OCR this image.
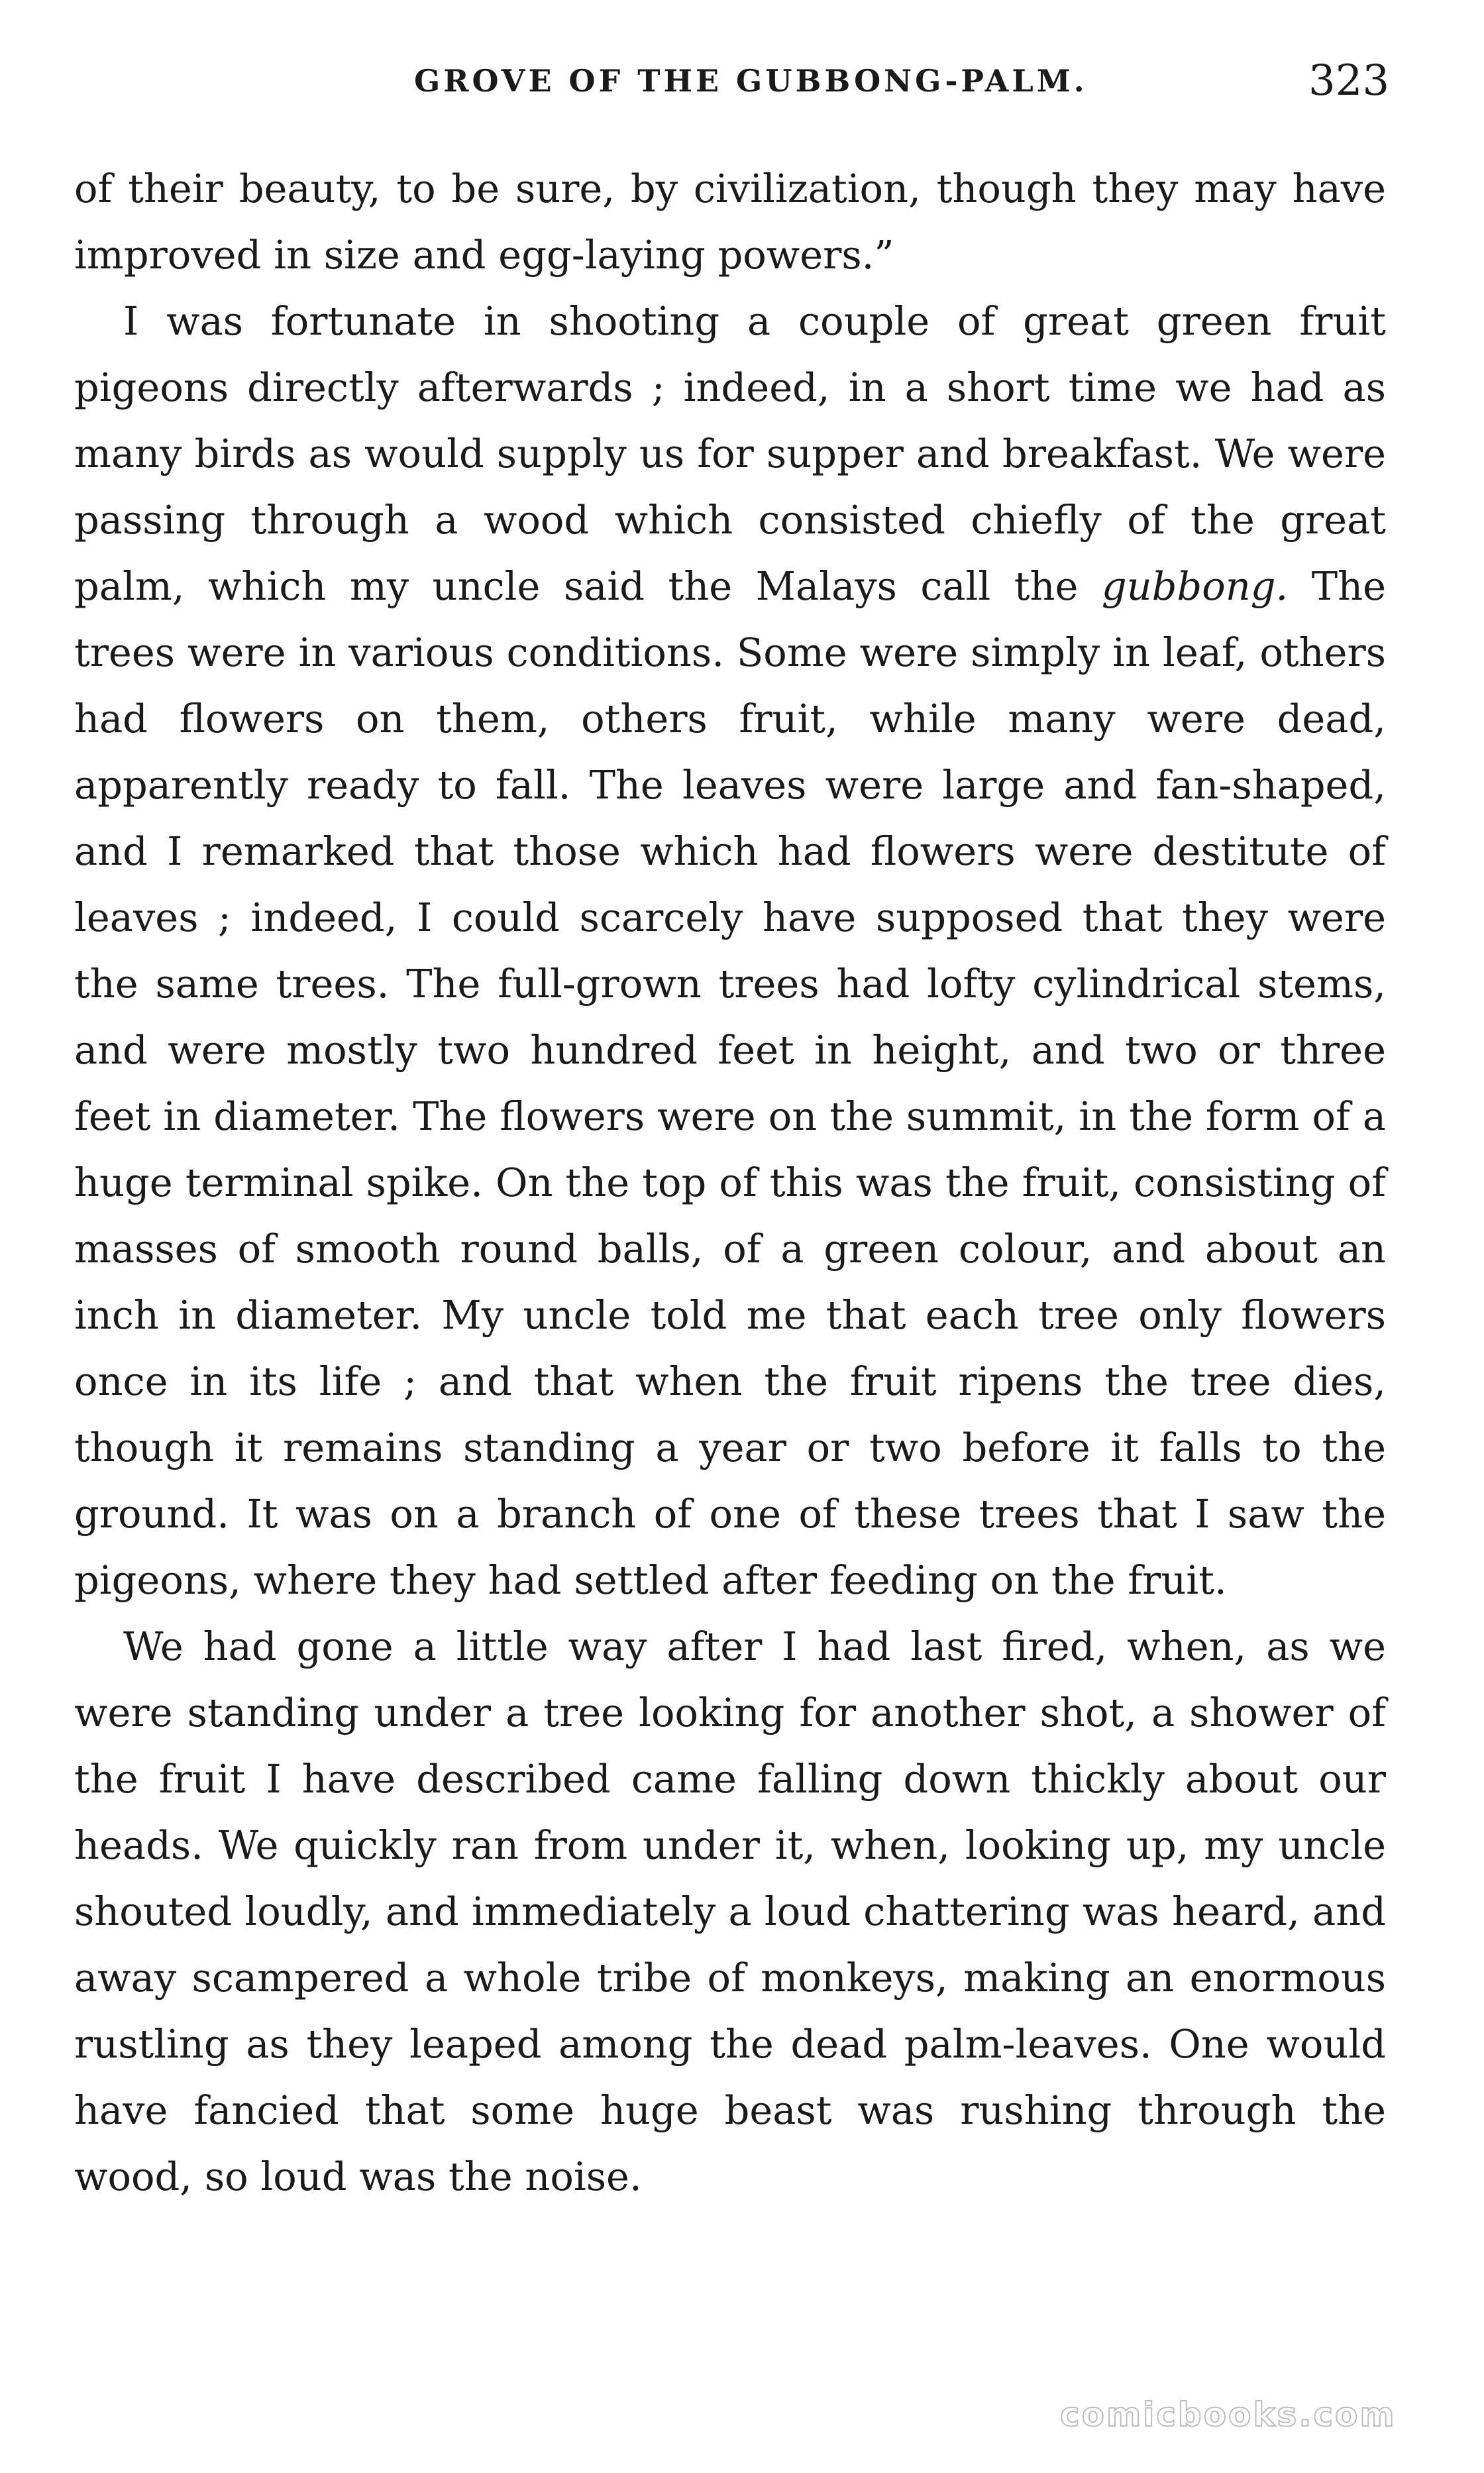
GROVE OF THE GUBBONG-PALM.	323

of their beauty, to be sure, by civilization, though they may have improved in size and egg-laying powers.”

I was fortunate in shooting a couple of great green fruit pigeons directly afterwards ; indeed, in a short time we had as many birds as would supply us for supper and breakfast. We were passing through a wood which consisted chiefly of the great palm, which my uncle said the Malays call the gubbong. The trees were in various conditions. Some were simply in leaf, others had flowers on them, others fruit, while many were dead, apparently ready to fall. The leaves were large and fan-shaped, and I remarked that those which had flowers were destitute of leaves ; indeed, I could scarcely have supposed that they were the same trees. The full-grown trees had lofty cylindrical stems, and were mostly two hundred feet in height, and two or three feet in diameter. The flowers were on the summit, in the form of a huge terminal spike. On the top of this was the fruit, consisting of masses of smooth round balls, of a green colour, and about an inch in diameter. My uncle told me that each tree only flowers once in its life ; and that when the fruit ripens the tree dies, though it remains standing a year or two before it falls to the ground. It was on a branch of one of these trees that I saw the pigeons, where they had settled after feeding on the fruit.

We had gone a little way after I had last fired, when, as we were standing under a tree looking for another shot, a shower of the fruit I have described came falling down thickly about our heads. We quickly ran from under it, when, looking up, my uncle shouted loudly, and immediately a loud chattering was heard, and away scampered a whole tribe of monkeys, making an enormous rustling as they leaped among the dead palm-leaves. One would have fancied that some huge beast was rushing through the wood, so loud was the noise.

comicbooks.com
